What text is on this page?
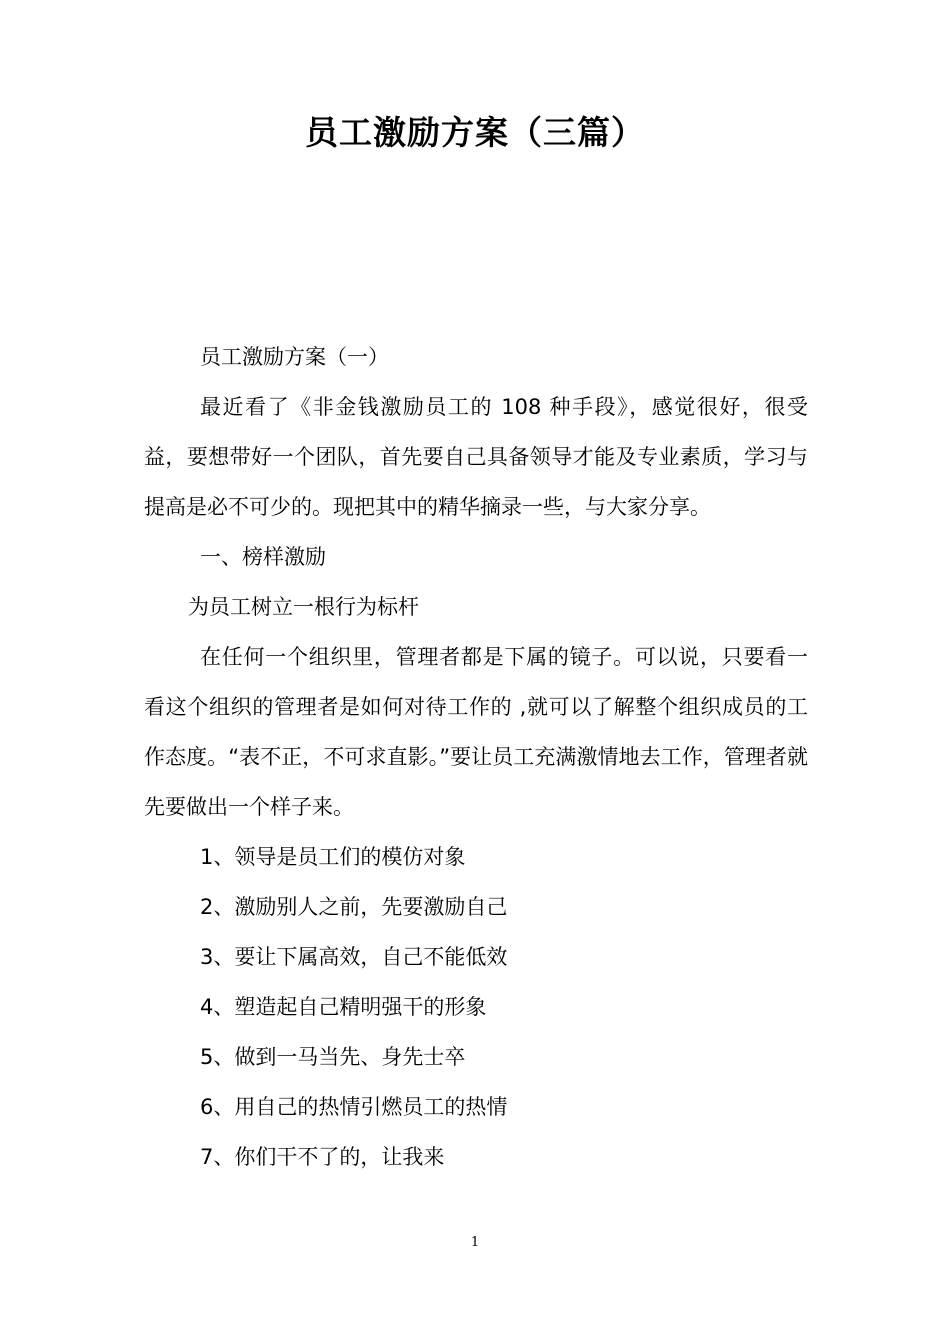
员工激励方案（三篇）

员工激励方案（一）

最近看了《非金钱激励员工的 108 种手段》，感觉很好，很受益，要想带好一个团队，首先要自己具备领导才能及专业素质，学习与提高是必不可少的。现把其中的精华摘录一些，与大家分享。

一、榜样激励

为员工树立一根行为标杆

在任何一个组织里，管理者都是下属的镜子。可以说，只要看一看这个组织的管理者是如何对待工作的 ,就可以了解整个组织成员的工作态度。“表不正，不可求直影。”要让员工充满激情地去工作，管理者就先要做出一个样子来。

1、领导是员工们的模仿对象

2、激励别人之前，先要激励自己

3、要让下属高效，自己不能低效

4、塑造起自己精明强干的形象

5、做到一马当先、身先士卒

6、用自己的热情引燃员工的热情

7、你们干不了的，让我来

1
